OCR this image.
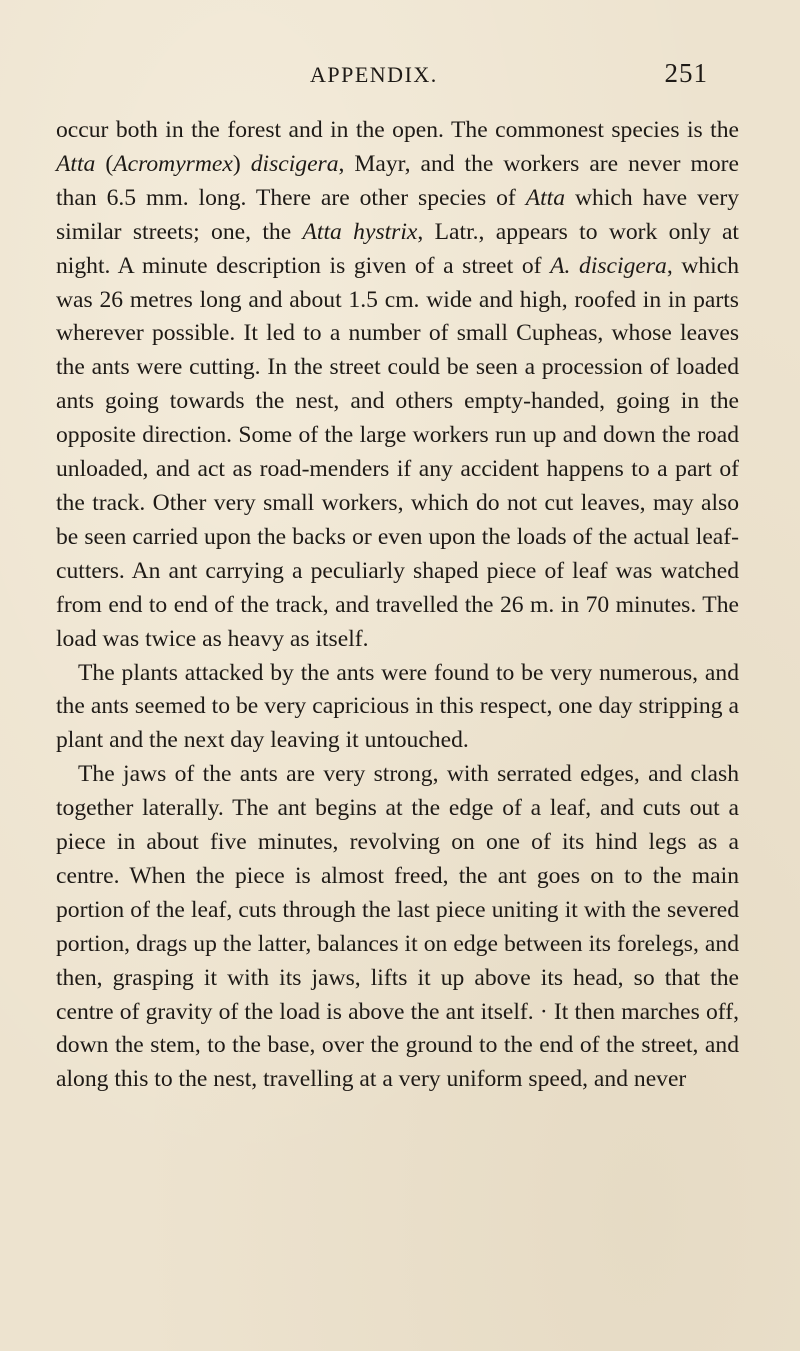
APPENDIX.	251

occur both in the forest and in the open. The commonest species is the Atta (Acromyrmex) discigera, Mayr, and the workers are never more than 6.5 mm. long. There are other species of Atta which have very similar streets; one, the Atta hystrix, Latr., appears to work only at night. A minute description is given of a street of A. discigera, which was 26 metres long and about 1.5 cm. wide and high, roofed in in parts wherever possible. It led to a number of small Cupheas, whose leaves the ants were cutting. In the street could be seen a procession of loaded ants going towards the nest, and others empty-handed, going in the opposite direction. Some of the large workers run up and down the road unloaded, and act as road-menders if any accident happens to a part of the track. Other very small workers, which do not cut leaves, may also be seen carried upon the backs or even upon the loads of the actual leaf-cutters. An ant carrying a peculiarly shaped piece of leaf was watched from end to end of the track, and travelled the 26 m. in 70 minutes. The load was twice as heavy as itself.

The plants attacked by the ants were found to be very numerous, and the ants seemed to be very capricious in this respect, one day stripping a plant and the next day leaving it untouched.

The jaws of the ants are very strong, with serrated edges, and clash together laterally. The ant begins at the edge of a leaf, and cuts out a piece in about five minutes, revolving on one of its hind legs as a centre. When the piece is almost freed, the ant goes on to the main portion of the leaf, cuts through the last piece uniting it with the severed portion, drags up the latter, balances it on edge between its forelegs, and then, grasping it with its jaws, lifts it up above its head, so that the centre of gravity of the load is above the ant itself. · It then marches off, down the stem, to the base, over the ground to the end of the street, and along this to the nest, travelling at a very uniform speed, and never
